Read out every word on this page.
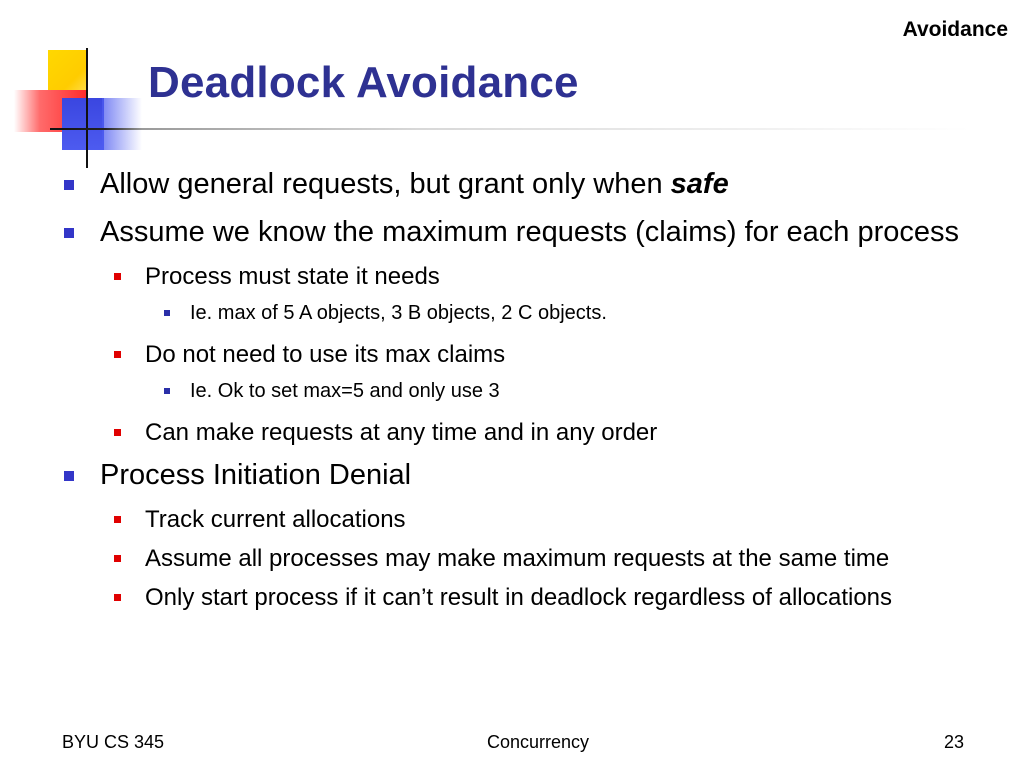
Avoidance
Deadlock Avoidance
Allow general requests, but grant only when safe
Assume we know the maximum requests (claims) for each process
Process must state it needs
Ie. max of 5 A objects, 3 B objects, 2 C objects.
Do not need to use its max claims
Ie. Ok to set max=5 and only use 3
Can make requests at any time and in any order
Process Initiation Denial
Track current allocations
Assume all processes may make maximum requests at the same time
Only start process if it can’t result in deadlock regardless of allocations
BYU CS 345	Concurrency	23
